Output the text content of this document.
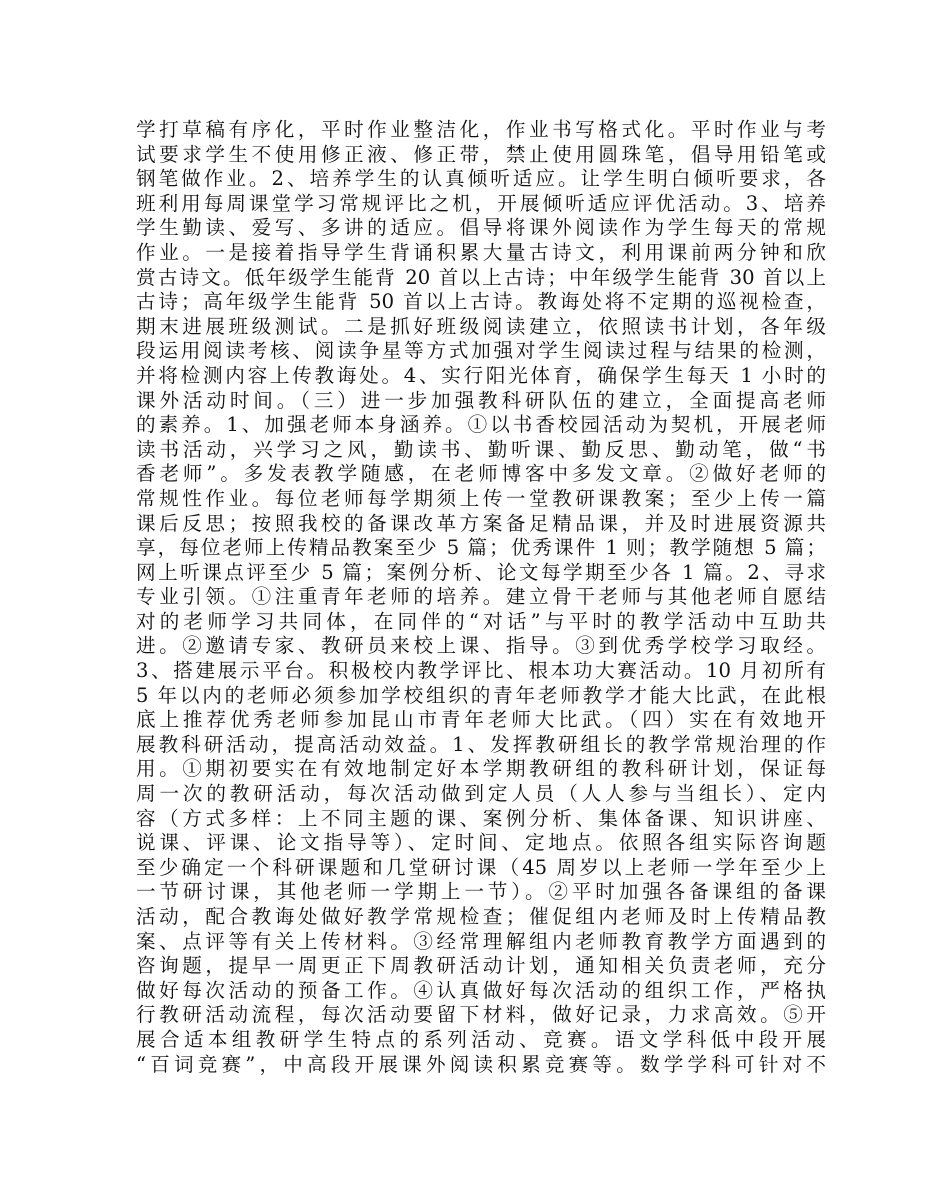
学打草稿有序化，平时作业整洁化，作业书写格式化。平时作业与考
试要求学生不使用修正液、修正带，禁止使用圆珠笔，倡导用铅笔或
钢笔做作业。2、培养学生的认真倾听适应。让学生明白倾听要求，各
班利用每周课堂学习常规评比之机，开展倾听适应评优活动。3、培养
学生勤读、爱写、多讲的适应。倡导将课外阅读作为学生每天的常规
作业。一是接着指导学生背诵积累大量古诗文，利用课前两分钟和欣
赏古诗文。低年级学生能背 20 首以上古诗；中年级学生能背 30 首以上
古诗；高年级学生能背 50 首以上古诗。教诲处将不定期的巡视检查，
期末进展班级测试。二是抓好班级阅读建立，依照读书计划，各年级
段运用阅读考核、阅读争星等方式加强对学生阅读过程与结果的检测，
并将检测内容上传教诲处。4、实行阳光体育，确保学生每天 1 小时的
课外活动时间。（三）进一步加强教科研队伍的建立，全面提高老师
的素养。1、加强老师本身涵养。①以书香校园活动为契机，开展老师
读书活动，兴学习之风，勤读书、勤听课、勤反思、勤动笔，做“书
香老师”。多发表教学随感，在老师博客中多发文章。②做好老师的
常规性作业。每位老师每学期须上传一堂教研课教案；至少上传一篇
课后反思；按照我校的备课改革方案备足精品课，并及时进展资源共
享，每位老师上传精品教案至少 5 篇；优秀课件 1 则；教学随想 5 篇；
网上听课点评至少 5 篇；案例分析、论文每学期至少各 1 篇。2、寻求
专业引领。①注重青年老师的培养。建立骨干老师与其他老师自愿结
对的老师学习共同体，在同伴的“对话”与平时的教学活动中互助共
进。②邀请专家、教研员来校上课、指导。③到优秀学校学习取经。
3、搭建展示平台。积极校内教学评比、根本功大赛活动。10 月初所有
5 年以内的老师必须参加学校组织的青年老师教学才能大比武，在此根
底上推荐优秀老师参加昆山市青年老师大比武。（四）实在有效地开
展教科研活动，提高活动效益。1、发挥教研组长的教学常规治理的作
用。①期初要实在有效地制定好本学期教研组的教科研计划，保证每
周一次的教研活动，每次活动做到定人员（人人参与当组长）、定内
容（方式多样：上不同主题的课、案例分析、集体备课、知识讲座、
说课、评课、论文指导等）、定时间、定地点。依照各组实际咨询题
至少确定一个科研课题和几堂研讨课（45 周岁以上老师一学年至少上
一节研讨课，其他老师一学期上一节）。②平时加强各备课组的备课
活动，配合教诲处做好教学常规检查；催促组内老师及时上传精品教
案、点评等有关上传材料。③经常理解组内老师教育教学方面遇到的
咨询题，提早一周更正下周教研活动计划，通知相关负责老师，充分
做好每次活动的预备工作。④认真做好每次活动的组织工作，严格执
行教研活动流程，每次活动要留下材料，做好记录，力求高效。⑤开
展合适本组教研学生特点的系列活动、竞赛。语文学科低中段开展
“百词竞赛”，中高段开展课外阅读积累竞赛等。数学学科可针对不
